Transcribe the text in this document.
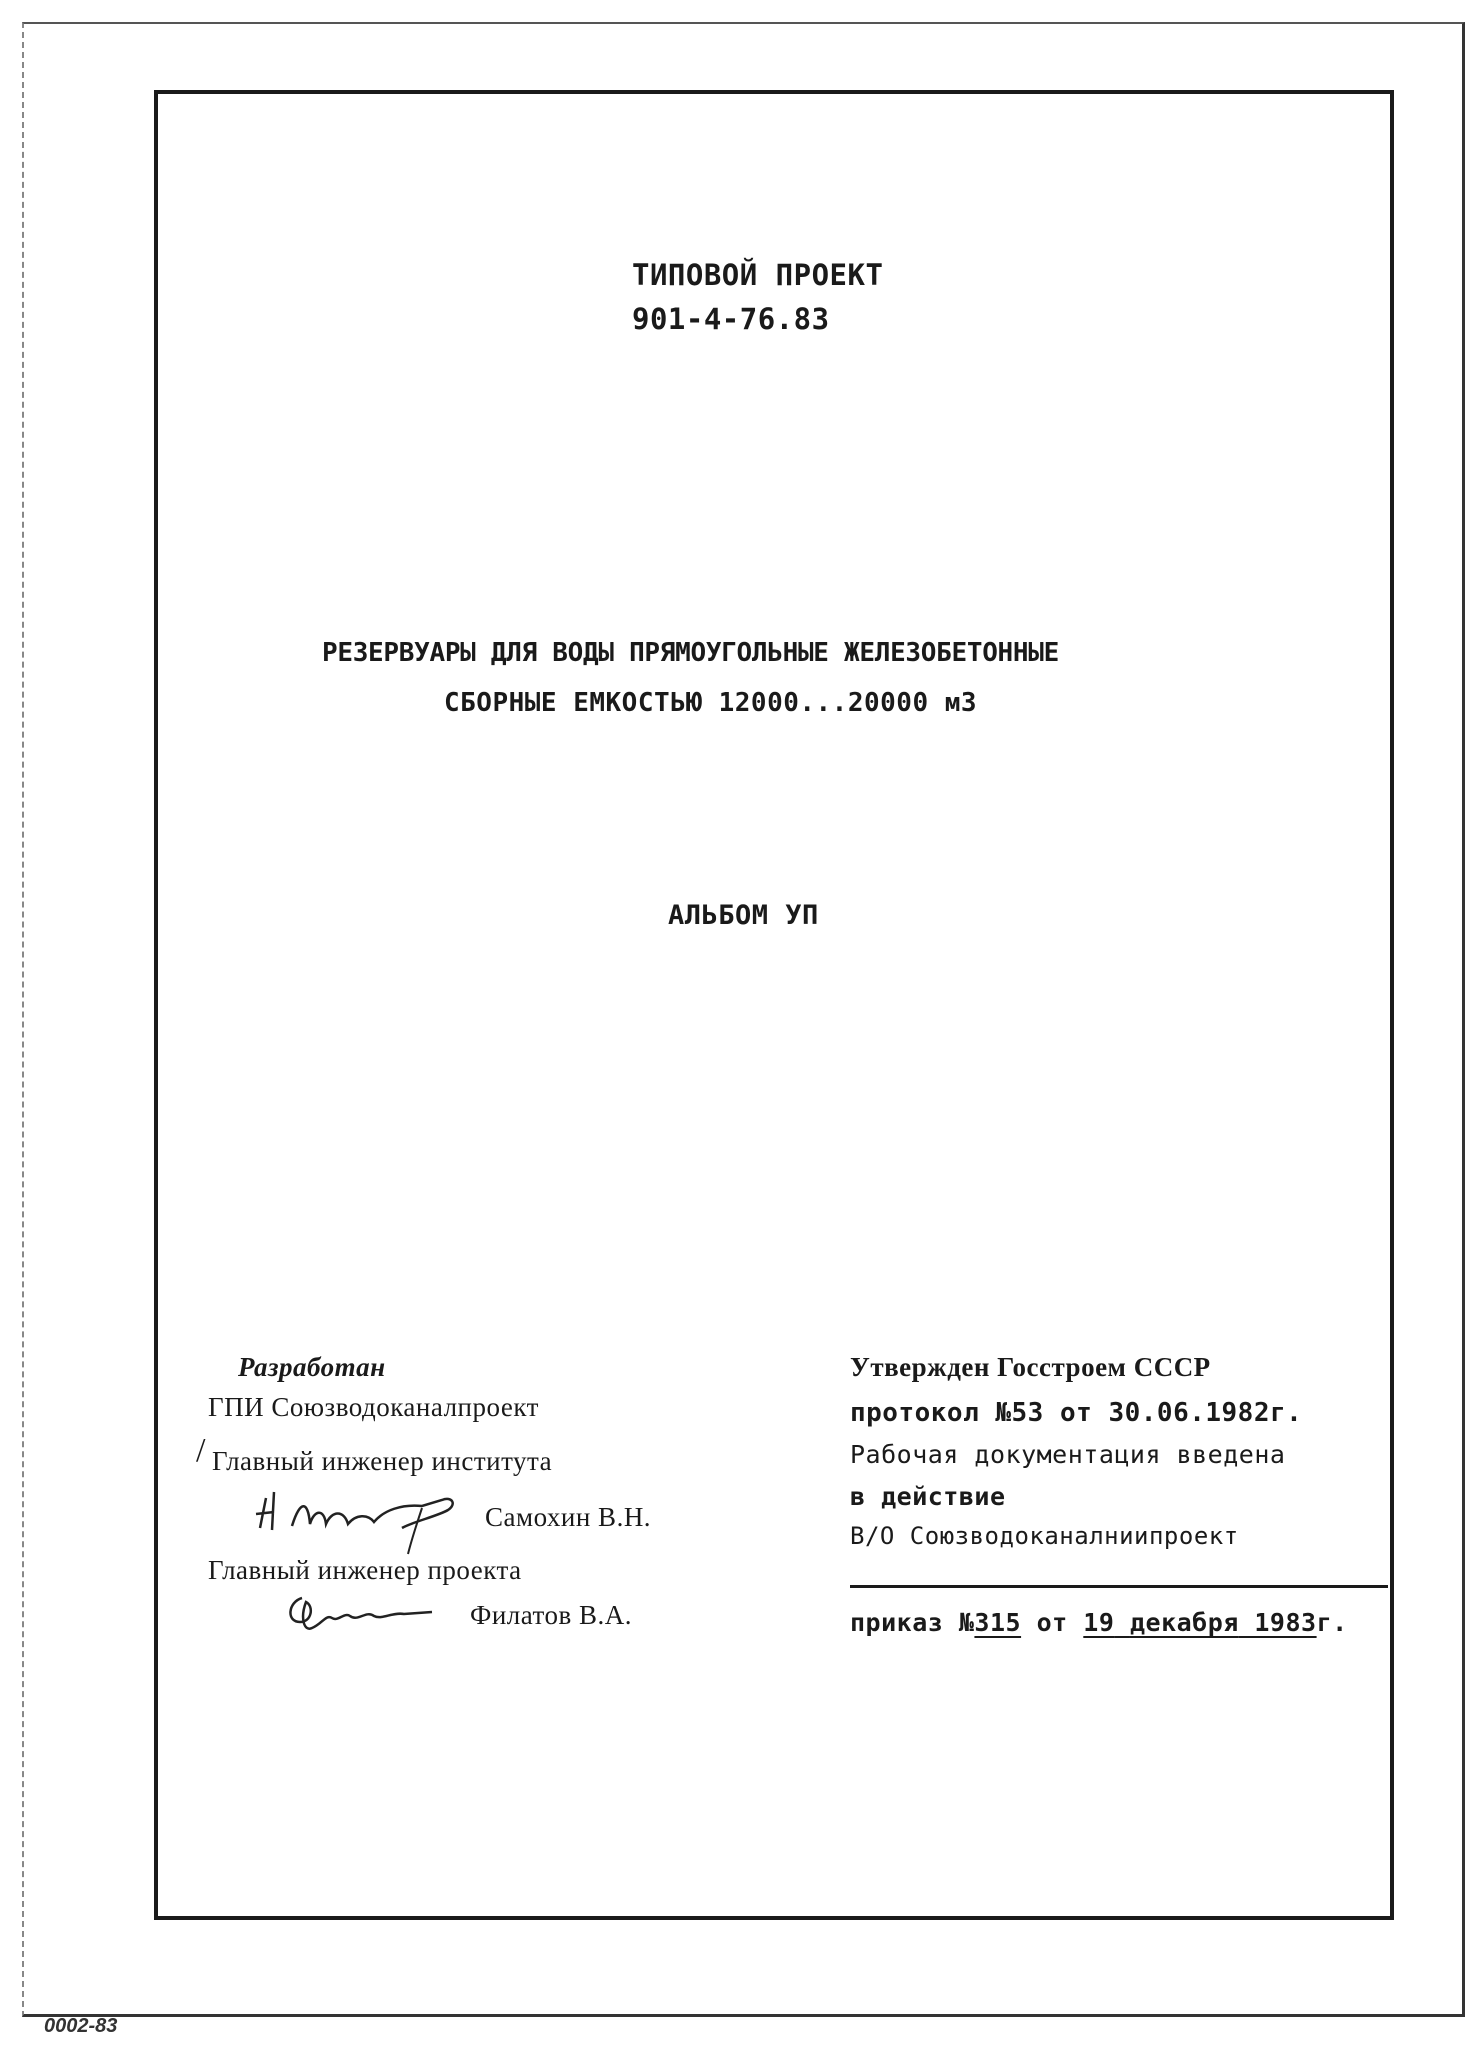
ТИПОВОЙ ПРОЕКТ
901-4-76.83
РЕЗЕРВУАРЫ ДЛЯ ВОДЫ ПРЯМОУГОЛЬНЫЕ ЖЕЛЕЗОБЕТОННЫЕ
СБОРНЫЕ ЕМКОСТЬЮ 12000...20000 м3
АЛЬБОМ УП
Разработан
ГПИ Союзводоканалпроект
/ Главный инженер института
Самохин В.Н.
Главный инженер проекта
Филатов В.А.
Утвержден Госстроем СССР
протокол №53 от 30.06.1982г.
Рабочая документация введена
в действие
В/О Союзводоканалниипроект
приказ №315 от 19 декабря 1983г.
0002-83
